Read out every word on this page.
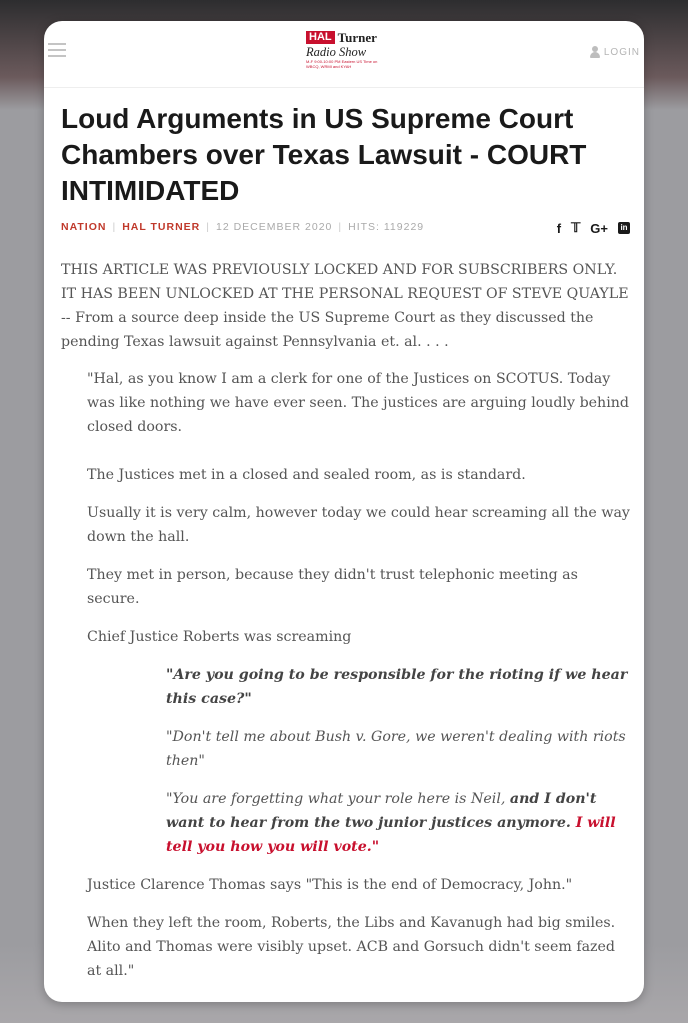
HAL Turner
Radio Show
M-F 9:00-10:00 PM Eastern US Time on WBCQ, WRMI and KYAH
LOGIN
Loud Arguments in US Supreme Court Chambers over Texas Lawsuit - COURT INTIMIDATED
NATION | HAL TURNER | 12 DECEMBER 2020 | HITS: 119229	f 𝕋 G+	in

THIS ARTICLE WAS PREVIOUSLY LOCKED AND FOR SUBSCRIBERS ONLY. IT HAS BEEN UNLOCKED AT THE PERSONAL REQUEST OF STEVE QUAYLE -- From a source deep inside the US Supreme Court as they discussed the pending Texas lawsuit against Pennsylvania et. al. . . .

"Hal, as you know I am a clerk for one of the Justices on SCOTUS. Today was like nothing we have ever seen. The justices are arguing loudly behind closed doors.

The Justices met in a closed and sealed room, as is standard.

Usually it is very calm, however today we could hear screaming all the way down the hall.

They met in person, because they didn't trust telephonic meeting as secure.

Chief Justice Roberts was screaming

"Are you going to be responsible for the rioting if we hear this case?"

"Don't tell me about Bush v. Gore, we weren't dealing with riots then"

"You are forgetting what your role here is Neil, and I don't want to hear from the two junior justices anymore. I will tell you how you will vote."

Justice Clarence Thomas says "This is the end of Democracy, John."

When they left the room, Roberts, the Libs and Kavanugh had big smiles. Alito and Thomas were visibly upset. ACB and Gorsuch didn't seem fazed at all."
